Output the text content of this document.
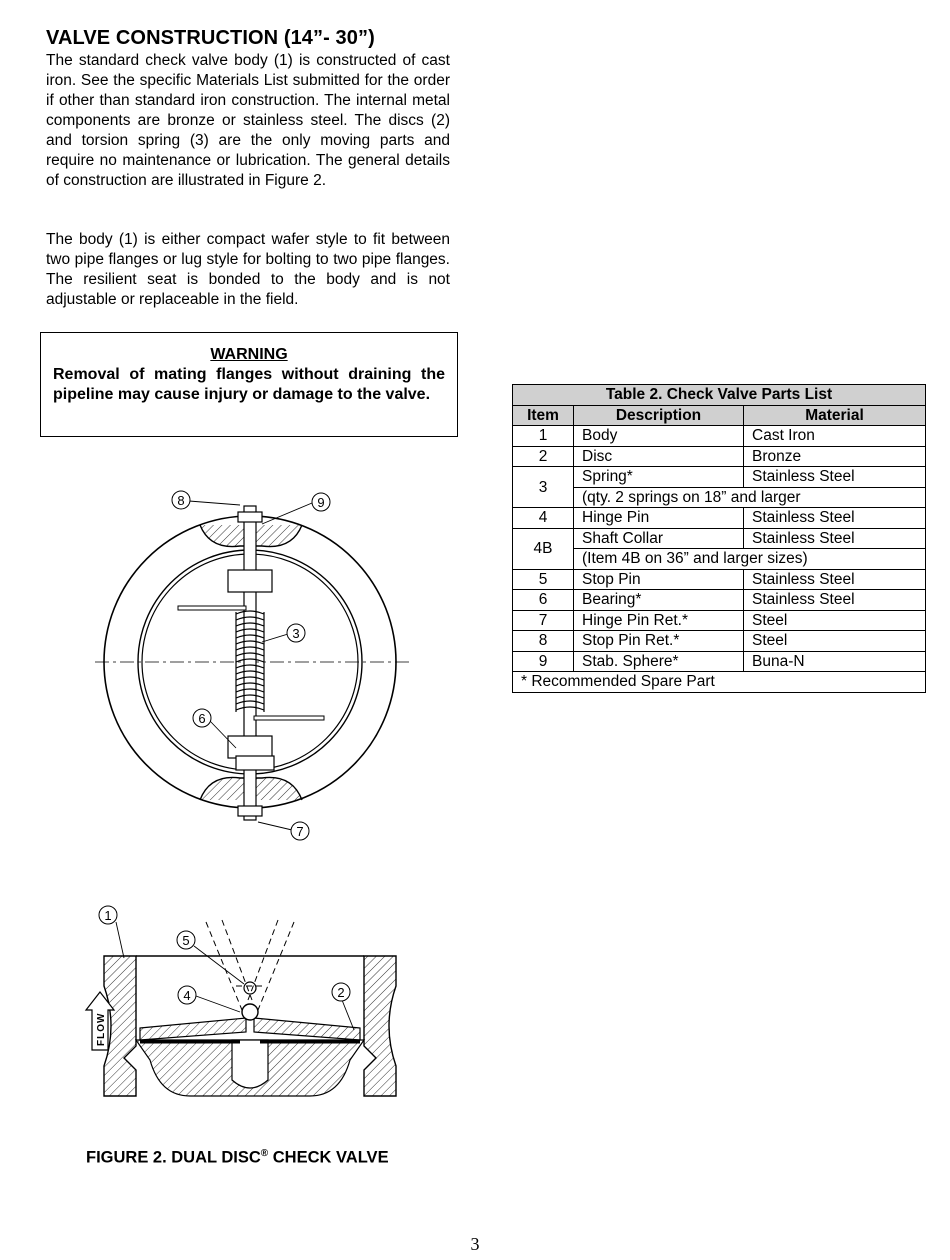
VALVE CONSTRUCTION (14”- 30”)

The standard check valve body (1) is constructed of cast iron. See the specific Materials List submitted for the order if other than standard iron construction. The internal metal components are bronze or stainless steel. The discs (2) and torsion spring (3) are the only moving parts and require no maintenance or lubrication. The general details of construction are illustrated in Figure 2.

The body (1) is either compact wafer style to fit between two pipe flanges or lug style for bolting to two pipe flanges. The resilient seat is bonded to the body and is not adjustable or replaceable in the field.

WARNING

Removal of mating flanges without draining the pipeline may cause injury or damage to the valve.	Table 2. Check Valve Parts List		
Item	Description	Material
1	Body	Cast Iron
2	Disc	Bronze
3	Spring*	Stainless Steel
	(qty. 2 springs on 18” and larger	
4	Hinge Pin	Stainless Steel
4B	Shaft Collar	Stainless Steel
	(Item 4B on 36” and larger sizes)	
5	Stop Pin	Stainless Steel
6	Bearing*	Stainless Steel
7	Hinge Pin Ret.*	Steel
8	Stop Pin Ret.*	Steel
9	Stab. Sphere*	Buna-N
* Recommended Spare Part		
8	9
3
6
7
FLOW
1
5
4	2

FIGURE 2. DUAL DISC® CHECK VALVE

3
